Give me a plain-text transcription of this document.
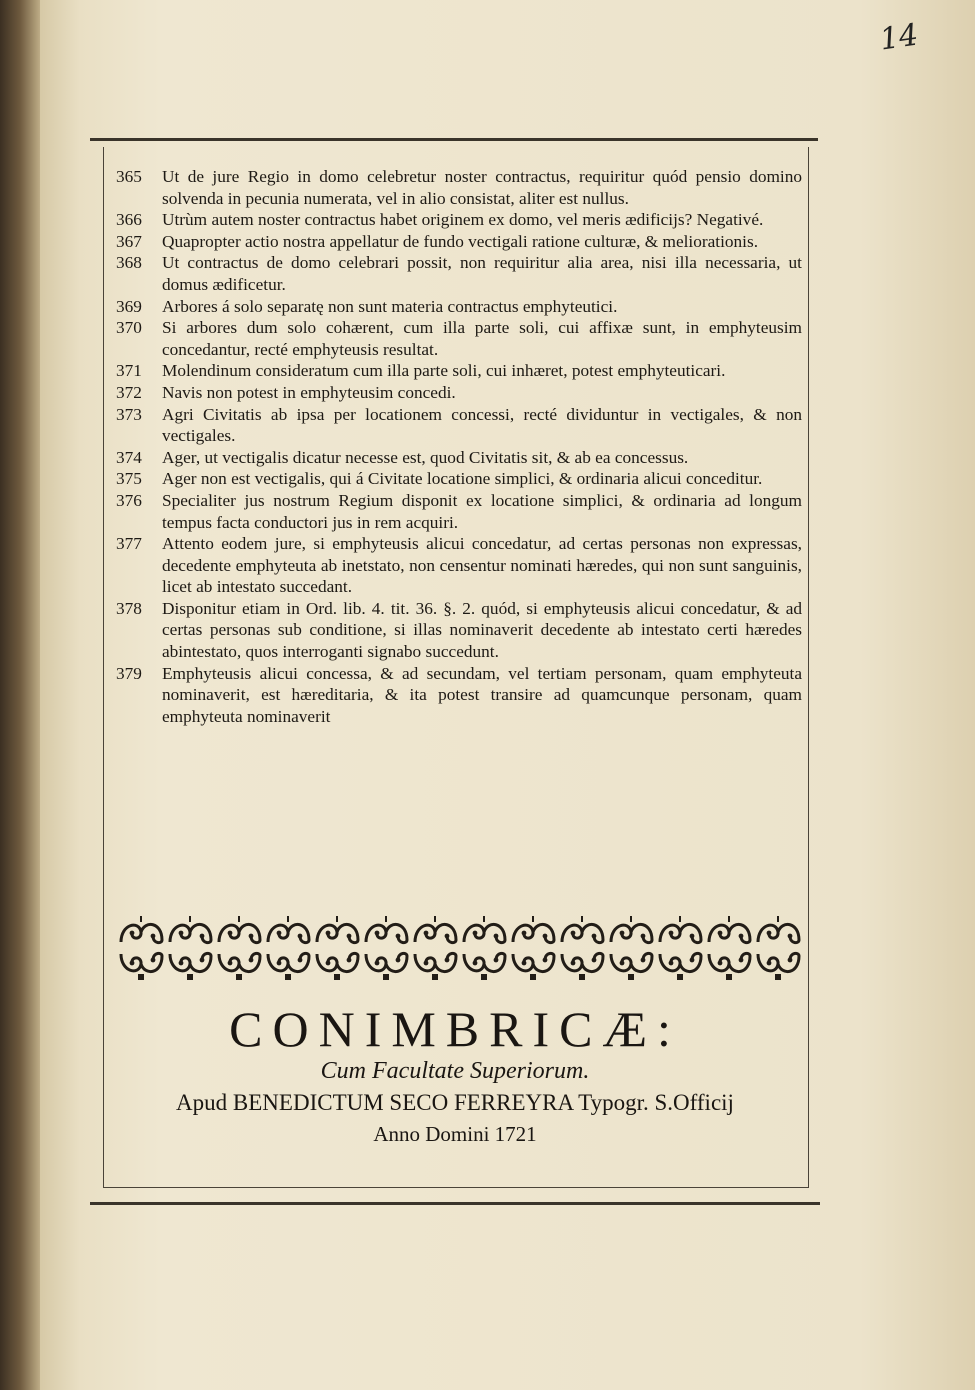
14
365	Ut de jure Regio in domo celebretur noster contractus, requiritur quód pensio domino solvenda in pecunia numerata, vel in alio consistat, aliter est nullus.
366	Utrùm autem noster contractus habet originem ex domo, vel meris ædificijs? Negativé.
367	Quapropter actio nostra appellatur de fundo vectigali ratione culturæ, & meliorationis.
368	Ut contractus de domo celebrari possit, non requiritur alia area, nisi illa necessaria, ut domus ædificetur.
369	Arbores á solo separatę non sunt materia contractus emphyteutici.
370	Si arbores dum solo cohærent, cum illa parte soli, cui affixæ sunt, in emphyteusim concedantur, recté emphyteusis resultat.
371	Molendinum consideratum cum illa parte soli, cui inhæret, potest emphyteuticari.
372	Navis non potest in emphyteusim concedi.
373	Agri Civitatis ab ipsa per locationem concessi, recté dividuntur in vectigales, & non vectigales.
374	Ager, ut vectigalis dicatur necesse est, quod Civitatis sit, & ab ea concessus.
375	Ager non est vectigalis, qui á Civitate locatione simplici, & ordinaria alicui conceditur.
376	Specialiter jus nostrum Regium disponit ex locatione simplici, & ordinaria ad longum tempus facta conductori jus in rem acquiri.
377	Attento eodem jure, si emphyteusis alicui concedatur, ad certas personas non expressas, decedente emphyteuta ab inetstato, non censentur nominati hæredes, qui non sunt sanguinis, licet ab intestato succedant.
378	Disponitur etiam in Ord. lib. 4. tit. 36. §. 2. quód, si emphyteusis alicui concedatur, & ad certas personas sub conditione, si illas nominaverit decedente ab intestato certi hæredes abintestato, quos interroganti signabo succedunt.
379	Emphyteusis alicui concessa, & ad secundam, vel tertiam personam, quam emphyteuta nominaverit, est hæreditaria, & ita potest transire ad quamcunque personam, quam emphyteuta nominaverit
CONIMBRICÆ:
Cum Facultate Superiorum.
Apud BENEDICTUM SECO FERREYRA Typogr. S.Officij
Anno Domini 1721
